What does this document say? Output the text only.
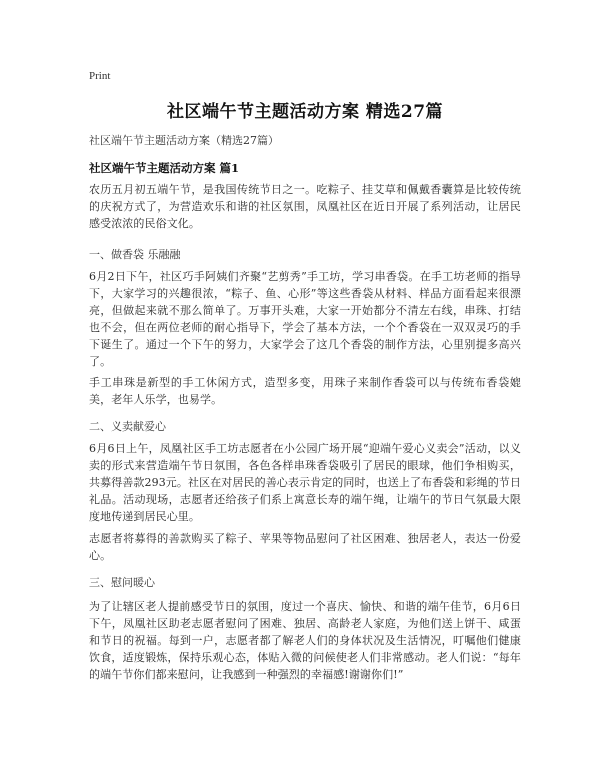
Print
社区端午节主题活动方案 精选27篇
社区端午节主题活动方案（精选27篇）
社区端午节主题活动方案 篇1
农历五月初五端午节，是我国传统节日之一。吃粽子、挂艾草和佩戴香囊算是比较传统的庆祝方式了，为营造欢乐和谐的社区氛围，凤凰社区在近日开展了系列活动，让居民感受浓浓的民俗文化。
一、做香袋 乐融融
6月2日下午，社区巧手阿姨们齐聚“艺剪秀”手工坊，学习串香袋。在手工坊老师的指导下，大家学习的兴趣很浓，“粽子、鱼、心形”等这些香袋从材料、样品方面看起来很漂亮，但做起来就不那么简单了。万事开头难，大家一开始都分不清左右线，串珠、打结也不会，但在两位老师的耐心指导下，学会了基本方法，一个个香袋在一双双灵巧的手下诞生了。通过一个下午的努力，大家学会了这几个香袋的制作方法，心里别提多高兴了。
手工串珠是新型的手工休闲方式，造型多变，用珠子来制作香袋可以与传统布香袋媲美，老年人乐学，也易学。
二、义卖献爱心
6月6日上午，凤凰社区手工坊志愿者在小公园广场开展“迎端午爱心义卖会”活动，以义卖的形式来营造端午节日氛围，各色各样串珠香袋吸引了居民的眼球，他们争相购买，共募得善款293元。社区在对居民的善心表示肯定的同时，也送上了布香袋和彩绳的节日礼品。活动现场，志愿者还给孩子们系上寓意长寿的端午绳，让端午的节日气氛最大限度地传递到居民心里。
志愿者将募得的善款购买了粽子、苹果等物品慰问了社区困难、独居老人，表达一份爱心。
三、慰问暖心
为了让辖区老人提前感受节日的氛围，度过一个喜庆、愉快、和谐的端午佳节，6月6日下午，凤凰社区助老志愿者慰问了困难、独居、高龄老人家庭，为他们送上饼干、咸蛋和节日的祝福。每到一户，志愿者都了解老人们的身体状况及生活情况，叮嘱他们健康饮食，适度锻炼，保持乐观心态，体贴入微的问候使老人们非常感动。老人们说：“每年的端午节你们都来慰问，让我感到一种强烈的幸福感!谢谢你们!”
